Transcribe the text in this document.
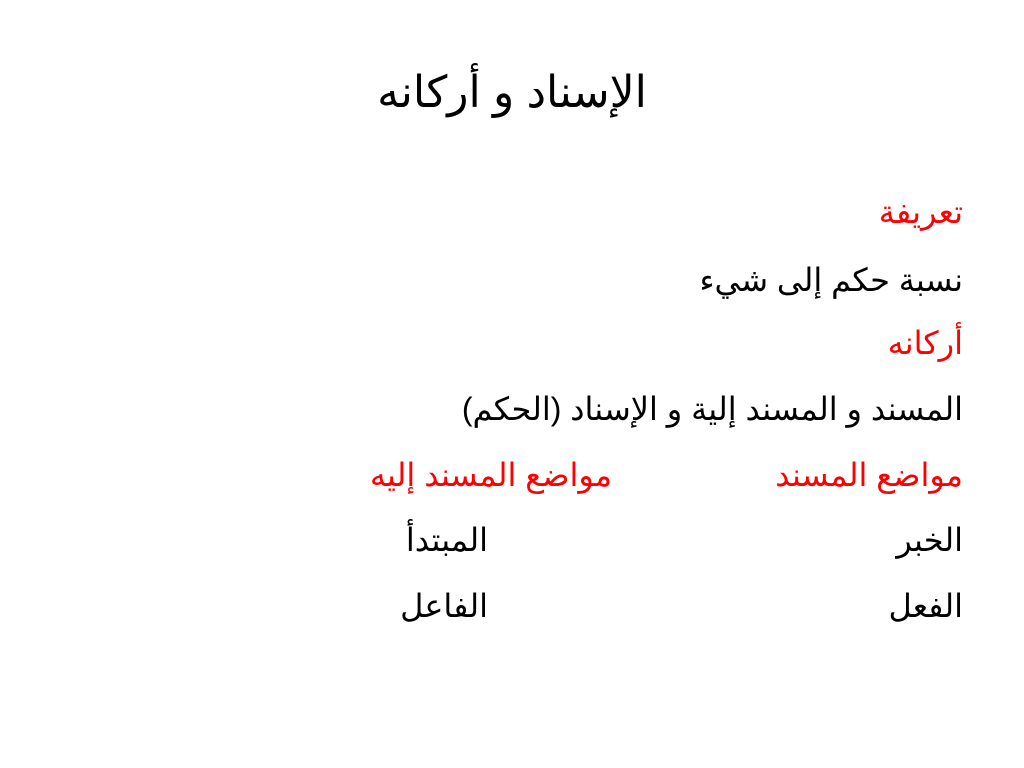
الإسناد و أركانه
تعريفة
نسبة حكم إلى شيء
أركانه
المسند و المسند إلية و الإسناد (الحكم)
مواضع المسند
مواضع المسند إليه
الخبر
المبتدأ
الفعل
الفاعل
